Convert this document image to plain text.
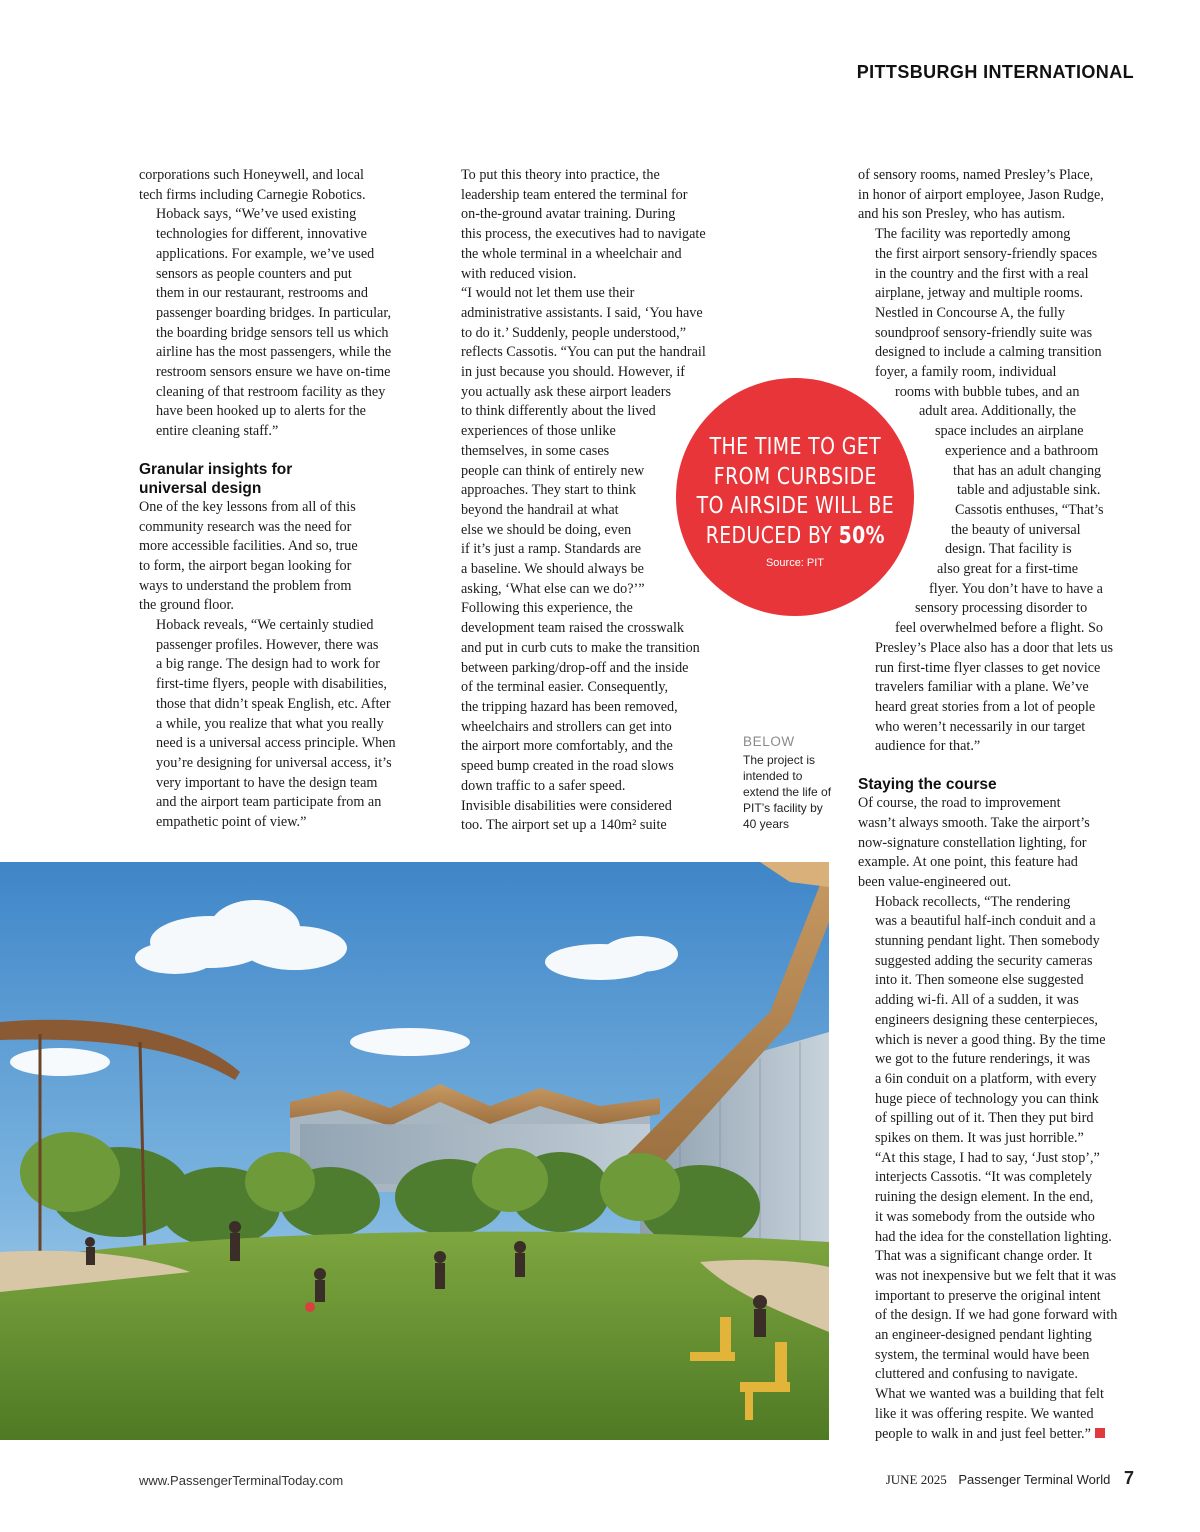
PITTSBURGH INTERNATIONAL

corporations such Honeywell, and local
tech firms including Carnegie Robotics.

Hoback says, “We’ve used existing
technologies for different, innovative
applications. For example, we’ve used
sensors as people counters and put
them in our restaurant, restrooms and
passenger boarding bridges. In particular,
the boarding bridge sensors tell us which
airline has the most passengers, while the
restroom sensors ensure we have on-time
cleaning of that restroom facility as they
have been hooked up to alerts for the
entire cleaning staff.”

Granular insights for
universal design

One of the key lessons from all of this
community research was the need for
more accessible facilities. And so, true
to form, the airport began looking for
ways to understand the problem from
the ground floor.

Hoback reveals, “We certainly studied
passenger profiles. However, there was
a big range. The design had to work for
first-time flyers, people with disabilities,
those that didn’t speak English, etc. After
a while, you realize that what you really
need is a universal access principle. When
you’re designing for universal access, it’s
very important to have the design team
and the airport team participate from an
empathetic point of view.”

To put this theory into practice, the
leadership team entered the terminal for
on-the-ground avatar training. During
this process, the executives had to navigate
the whole terminal in a wheelchair and
with reduced vision.

“I would not let them use their
administrative assistants. I said, ‘You have
to do it.’ Suddenly, people understood,”
reflects Cassotis. “You can put the handrail
in just because you should. However, if
you actually ask these airport leaders
to think differently about the lived
experiences of those unlike
themselves, in some cases
people can think of entirely new
approaches. They start to think
beyond the handrail at what
else we should be doing, even
if it’s just a ramp. Standards are
a baseline. We should always be
asking, ‘What else can we do?’”

Following this experience, the
development team raised the crosswalk
and put in curb cuts to make the transition
between parking/drop-off and the inside
of the terminal easier. Consequently,
the tripping hazard has been removed,
wheelchairs and strollers can get into
the airport more comfortably, and the
speed bump created in the road slows
down traffic to a safer speed.

Invisible disabilities were considered
too. The airport set up a 140m² suite

of sensory rooms, named Presley’s Place,
in honor of airport employee, Jason Rudge,
and his son Presley, who has autism.

The facility was reportedly among
the first airport sensory-friendly spaces
in the country and the first with a real
airplane, jetway and multiple rooms.
Nestled in Concourse A, the fully
soundproof sensory-friendly suite was
designed to include a calming transition
foyer, a family room, individual
rooms with bubble tubes, and an
adult area. Additionally, the
space includes an airplane
experience and a bathroom
that has an adult changing
table and adjustable sink.

Cassotis enthuses, “That’s
the beauty of universal
design. That facility is
also great for a first-time
flyer. You don’t have to have a
sensory processing disorder to
feel overwhelmed before a flight. So
Presley’s Place also has a door that lets us
run first-time flyer classes to get novice
travelers familiar with a plane. We’ve
heard great stories from a lot of people
who weren’t necessarily in our target
audience for that.”

Staying the course

Of course, the road to improvement
wasn’t always smooth. Take the airport’s
now-signature constellation lighting, for
example. At one point, this feature had
been value-engineered out.

Hoback recollects, “The rendering
was a beautiful half-inch conduit and a
stunning pendant light. Then somebody
suggested adding the security cameras
into it. Then someone else suggested
adding wi-fi. All of a sudden, it was
engineers designing these centerpieces,
which is never a good thing. By the time
we got to the future renderings, it was
a 6in conduit on a platform, with every
huge piece of technology you can think
of spilling out of it. Then they put bird
spikes on them. It was just horrible.”

“At this stage, I had to say, ‘Just stop’,”
interjects Cassotis. “It was completely
ruining the design element. In the end,
it was somebody from the outside who
had the idea for the constellation lighting.
That was a significant change order. It
was not inexpensive but we felt that it was
important to preserve the original intent
of the design. If we had gone forward with
an engineer-designed pendant lighting
system, the terminal would have been
cluttered and confusing to navigate.
What we wanted was a building that felt
like it was offering respite. We wanted
people to walk in and just feel better.”

THE TIME TO GET
FROM CURBSIDE
TO AIRSIDE WILL BE
REDUCED BY 50%
Source: PIT
BELOW
The project is intended to extend the life of PIT’s facility by 40 years
www.PassengerTerminalToday.com	JUNE 2025 Passenger Terminal World 7
